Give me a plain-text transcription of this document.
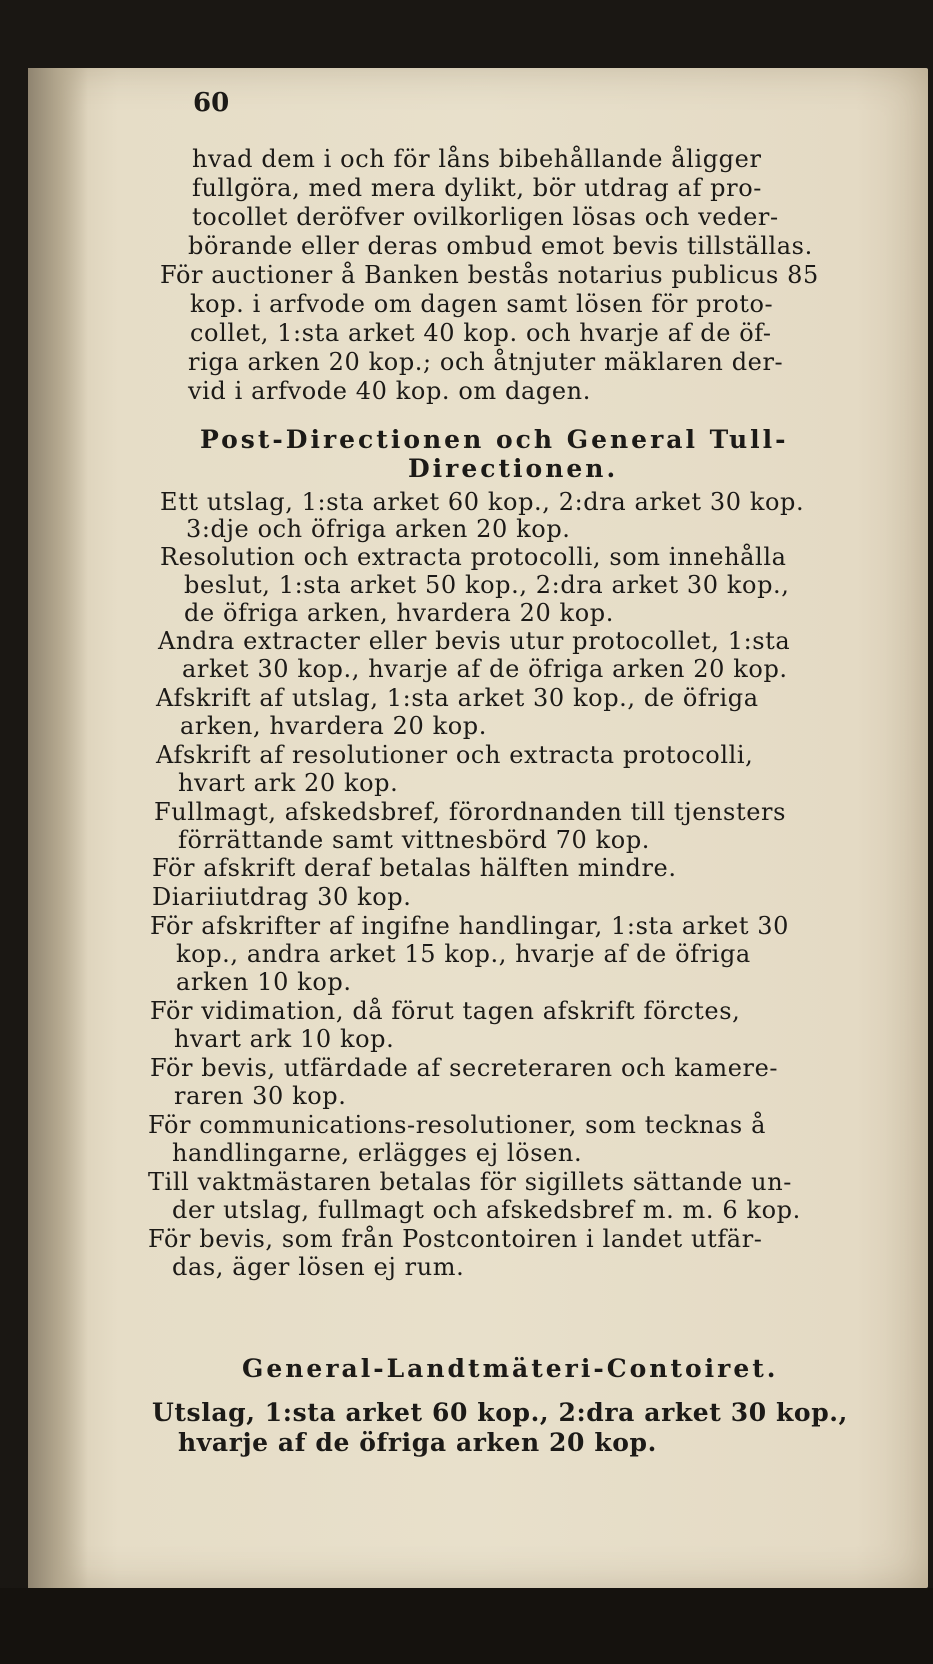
60
hvad dem i och för låns bibehållande åligger
fullgöra, med mera dylikt, bör utdrag af pro-
tocollet deröfver ovilkorligen lösas och veder-
börande eller deras ombud emot bevis tillställas.
För auctioner å Banken bestås notarius publicus 85
kop. i arfvode om dagen samt lösen för proto-
collet, 1:sta arket 40 kop. och hvarje af de öf-
riga arken 20 kop.; och åtnjuter mäklaren der-
vid i arfvode 40 kop. om dagen.
Post-Directionen och General Tull-
Directionen.
Ett utslag, 1:sta arket 60 kop., 2:dra arket 30 kop.
3:dje och öfriga arken 20 kop.
Resolution och extracta protocolli, som innehålla
beslut, 1:sta arket 50 kop., 2:dra arket 30 kop.,
de öfriga arken, hvardera 20 kop.
Andra extracter eller bevis utur protocollet, 1:sta
arket 30 kop., hvarje af de öfriga arken 20 kop.
Afskrift af utslag, 1:sta arket 30 kop., de öfriga
arken, hvardera 20 kop.
Afskrift af resolutioner och extracta protocolli,
hvart ark 20 kop.
Fullmagt, afskedsbref, förordnanden till tjensters
förrättande samt vittnesbörd 70 kop.
För afskrift deraf betalas hälften mindre.
Diariiutdrag 30 kop.
För afskrifter af ingifne handlingar, 1:sta arket 30
kop., andra arket 15 kop., hvarje af de öfriga
arken 10 kop.
För vidimation, då förut tagen afskrift förctes,
hvart ark 10 kop.
För bevis, utfärdade af secreteraren och kamere-
raren 30 kop.
För communications-resolutioner, som tecknas å
handlingarne, erlägges ej lösen.
Till vaktmästaren betalas för sigillets sättande un-
der utslag, fullmagt och afskedsbref m. m. 6 kop.
För bevis, som från Postcontoiren i landet utfär-
das, äger lösen ej rum.
General-Landtmäteri-Contoiret.
Utslag, 1:sta arket 60 kop., 2:dra arket 30 kop.,
hvarje af de öfriga arken 20 kop.
